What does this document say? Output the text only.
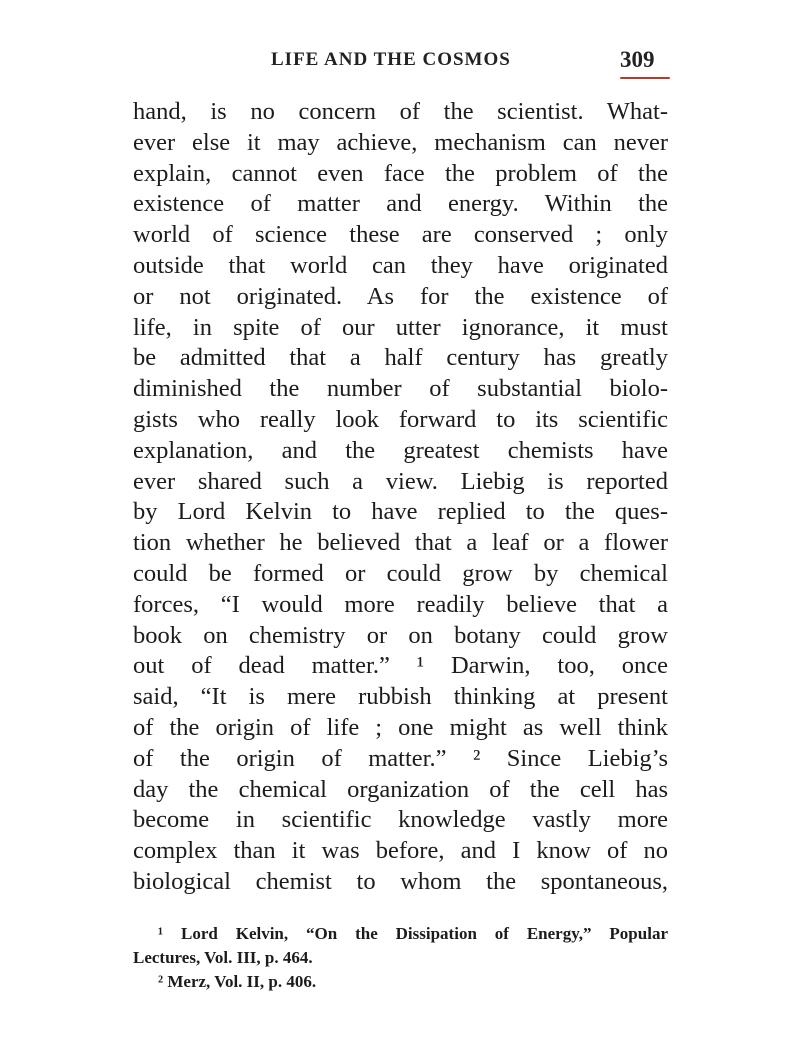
LIFE AND THE COSMOS	309
hand, is no concern of the scientist. What-
ever else it may achieve, mechanism can never
explain, cannot even face the problem of the
existence of matter and energy. Within the
world of science these are conserved ; only
outside that world can they have originated
or not originated. As for the existence of
life, in spite of our utter ignorance, it must
be admitted that a half century has greatly
diminished the number of substantial biolo-
gists who really look forward to its scientific
explanation, and the greatest chemists have
ever shared such a view. Liebig is reported
by Lord Kelvin to have replied to the ques-
tion whether he believed that a leaf or a flower
could be formed or could grow by chemical
forces, “I would more readily believe that a
book on chemistry or on botany could grow
out of dead matter.” ¹ Darwin, too, once
said, “It is mere rubbish thinking at present
of the origin of life ; one might as well think
of the origin of matter.” ² Since Liebig’s
day the chemical organization of the cell has
become in scientific knowledge vastly more
complex than it was before, and I know of no
biological chemist to whom the spontaneous,
¹ Lord Kelvin, “On the Dissipation of Energy,” Popular
Lectures, Vol. III, p. 464.
² Merz, Vol. II, p. 406.
